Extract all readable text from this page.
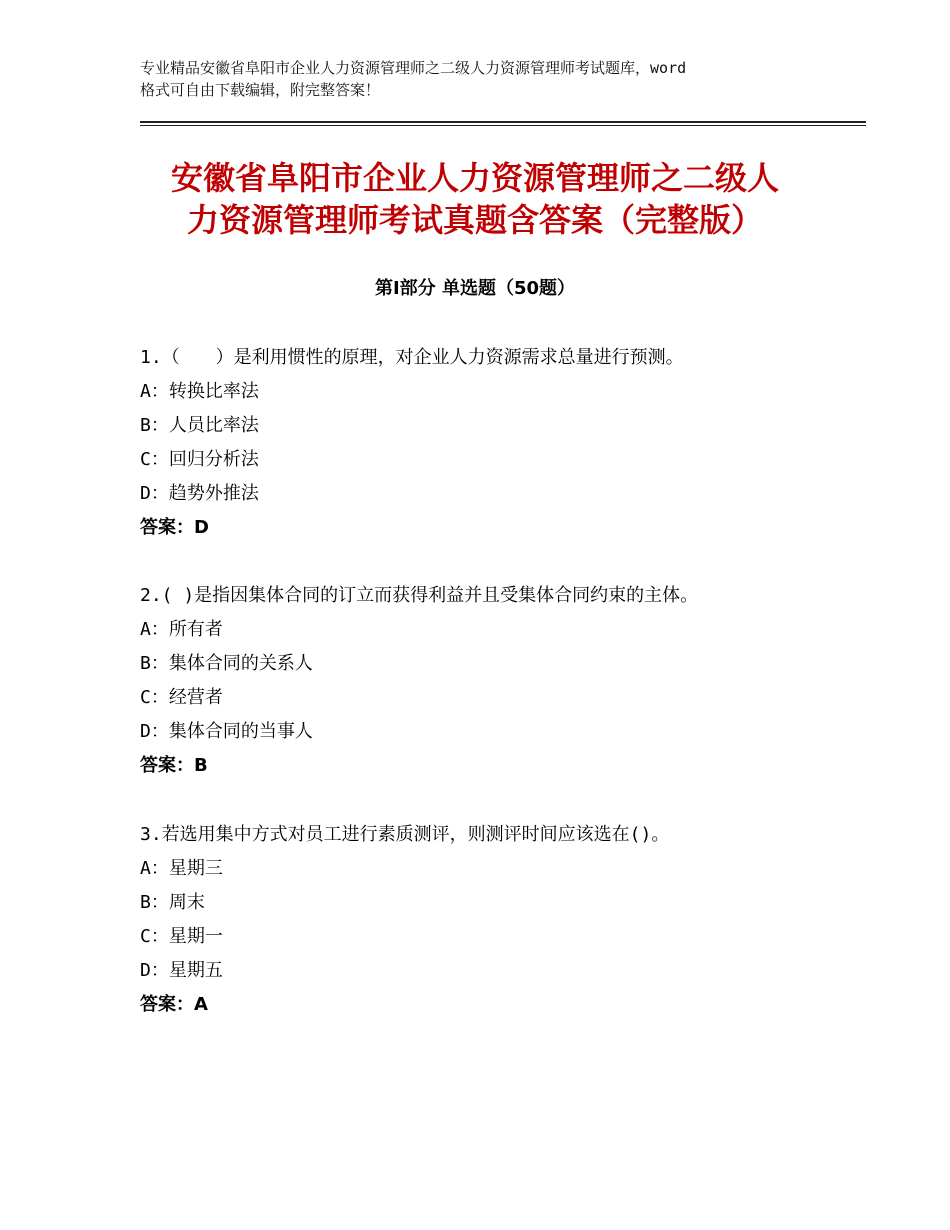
专业精品安徽省阜阳市企业人力资源管理师之二级人力资源管理师考试题库，word
格式可自由下载编辑，附完整答案！
安徽省阜阳市企业人力资源管理师之二级人
力资源管理师考试真题含答案（完整版）
第Ⅰ部分 单选题（50题）
1.（　　）是利用惯性的原理，对企业人力资源需求总量进行预测。
A：转换比率法
B：人员比率法
C：回归分析法
D：趋势外推法
答案：D
2.( )是指因集体合同的订立而获得利益并且受集体合同约束的主体。
A：所有者
B：集体合同的关系人
C：经营者
D：集体合同的当事人
答案：B
3.若选用集中方式对员工进行素质测评，则测评时间应该选在()。
A：星期三
B：周末
C：星期一
D：星期五
答案：A
